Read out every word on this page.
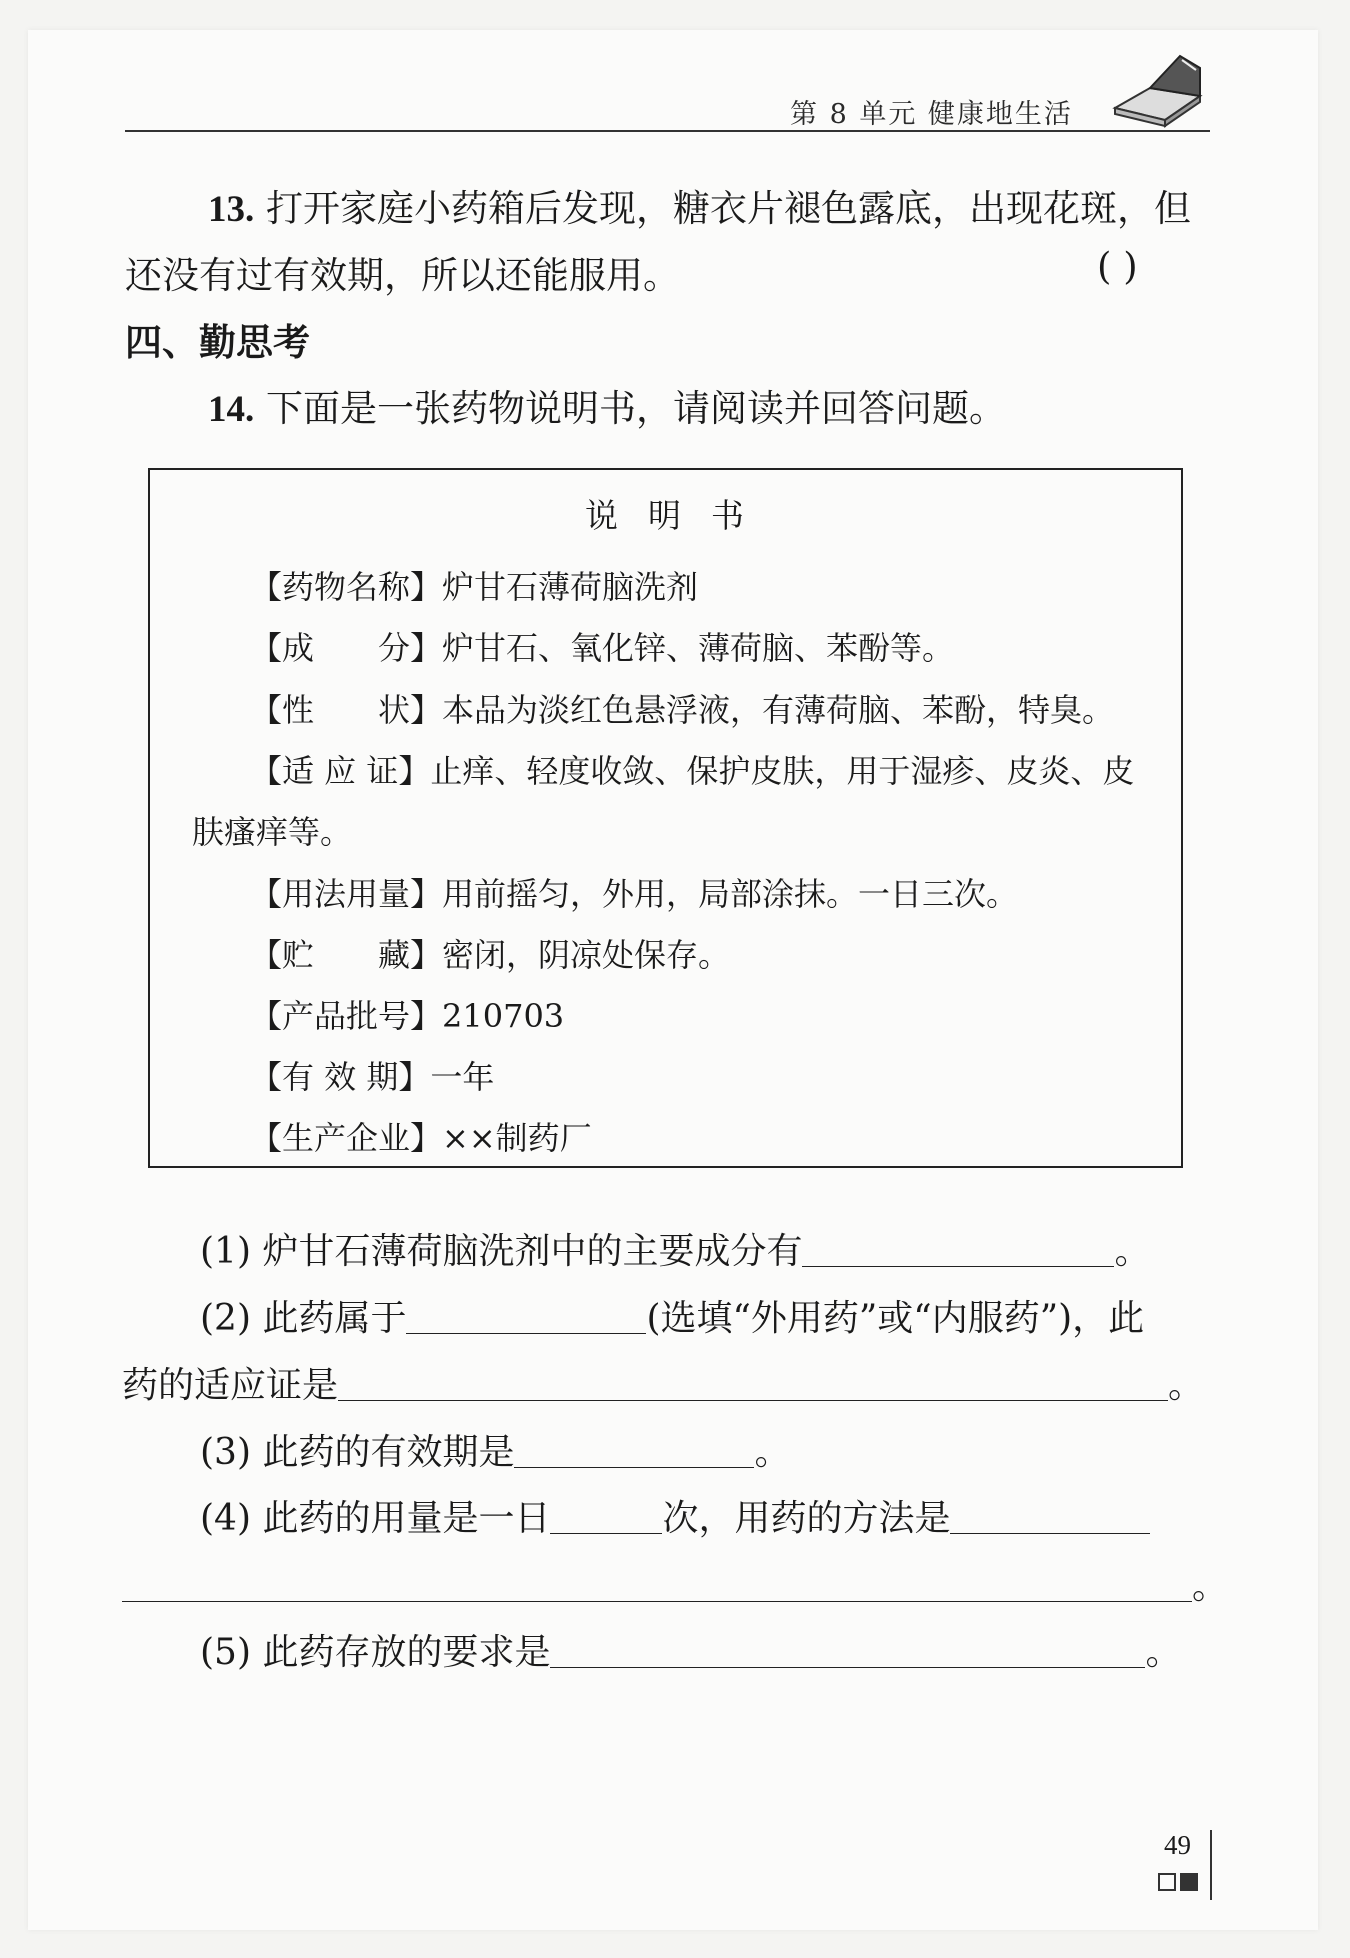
第 8 单元 健康地生活
13. 打开家庭小药箱后发现，糖衣片褪色露底，出现花斑，但
还没有过有效期，所以还能服用。	( )
四、勤思考
14. 下面是一张药物说明书，请阅读并回答问题。
说明书
【药物名称】炉甘石薄荷脑洗剂
【成　　分】炉甘石、氧化锌、薄荷脑、苯酚等。
【性　　状】本品为淡红色悬浮液，有薄荷脑、苯酚，特臭。
【适 应 证】止痒、轻度收敛、保护皮肤，用于湿疹、皮炎、皮
肤瘙痒等。
【用法用量】用前摇匀，外用，局部涂抹。一日三次。
【贮　　藏】密闭，阴凉处保存。
【产品批号】210703
【有 效 期】一年
【生产企业】××制药厂
(1) 炉甘石薄荷脑洗剂中的主要成分有	。
(2) 此药属于	(选填“外用药”或“内服药”)，此
药的适应证是	。
(3) 此药的有效期是	。
(4) 此药的用量是一日	次，用药的方法是
。
(5) 此药存放的要求是	。
49
